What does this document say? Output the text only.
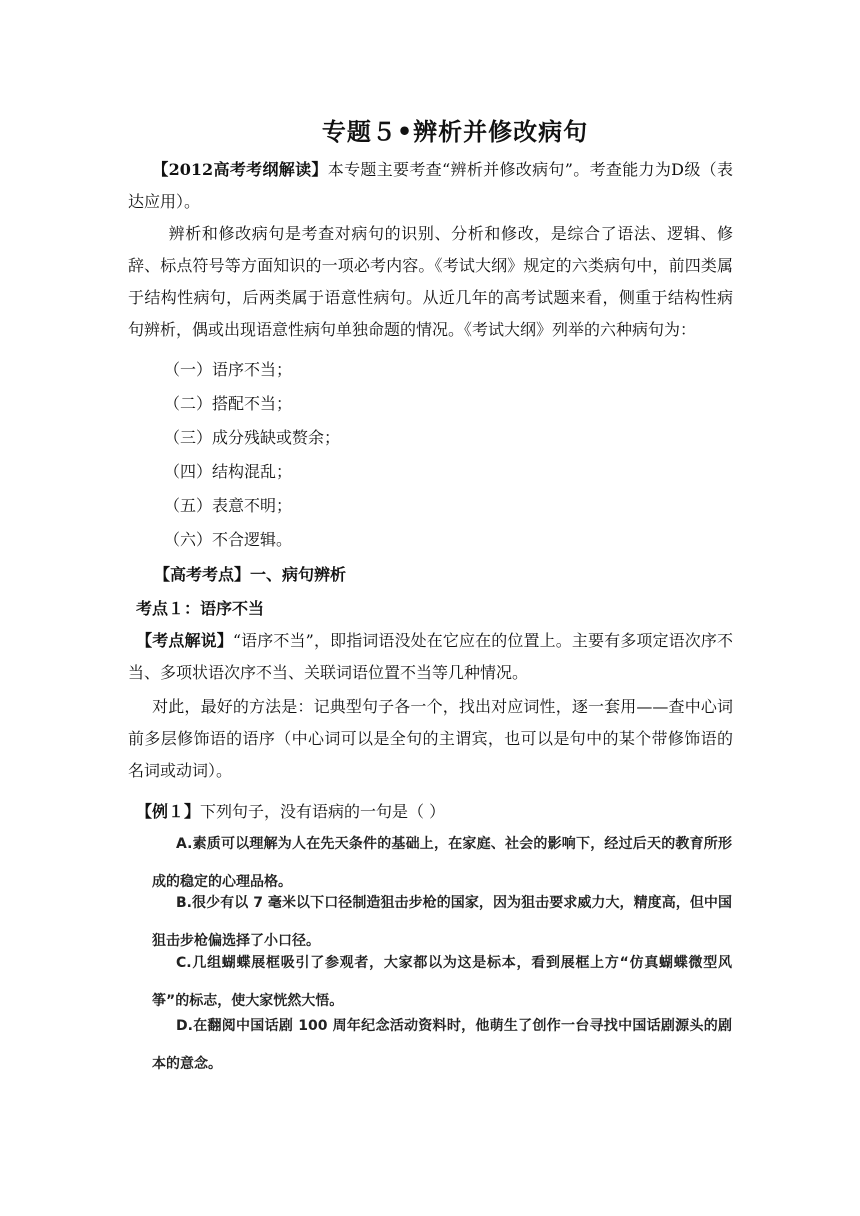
专题５•辨析并修改病句
【2012高考考纲解读】本专题主要考查“辨析并修改病句”。考查能力为D级（表达应用）。
辨析和修改病句是考查对病句的识别、分析和修改，是综合了语法、逻辑、修辞、标点符号等方面知识的一项必考内容。《考试大纲》规定的六类病句中，前四类属于结构性病句，后两类属于语意性病句。从近几年的高考试题来看，侧重于结构性病句辨析，偶或出现语意性病句单独命题的情况。《考试大纲》列举的六种病句为：
（一）语序不当；
（二）搭配不当；
（三）成分残缺或赘余；
（四）结构混乱；
（五）表意不明；
（六）不合逻辑。
【高考考点】一、病句辨析
考点１：语序不当
【考点解说】“语序不当”，即指词语没处在它应在的位置上。主要有多项定语次序不当、多项状语次序不当、关联词语位置不当等几种情况。
对此，最好的方法是：记典型句子各一个，找出对应词性，逐一套用——查中心词前多层修饰语的语序（中心词可以是全句的主谓宾，也可以是句中的某个带修饰语的名词或动词）。
【例１】下列句子，没有语病的一句是（ ）
A.素质可以理解为人在先天条件的基础上，在家庭、社会的影响下，经过后天的教育所形成的稳定的心理品格。
B.很少有以 7 毫米以下口径制造狙击步枪的国家，因为狙击要求威力大，精度高，但中国狙击步枪偏选择了小口径。
C.几组蝴蝶展框吸引了参观者，大家都以为这是标本，看到展框上方“仿真蝴蝶微型风筝”的标志，使大家恍然大悟。
D.在翻阅中国话剧 100 周年纪念活动资料时，他萌生了创作一台寻找中国话剧源头的剧本的意念。
